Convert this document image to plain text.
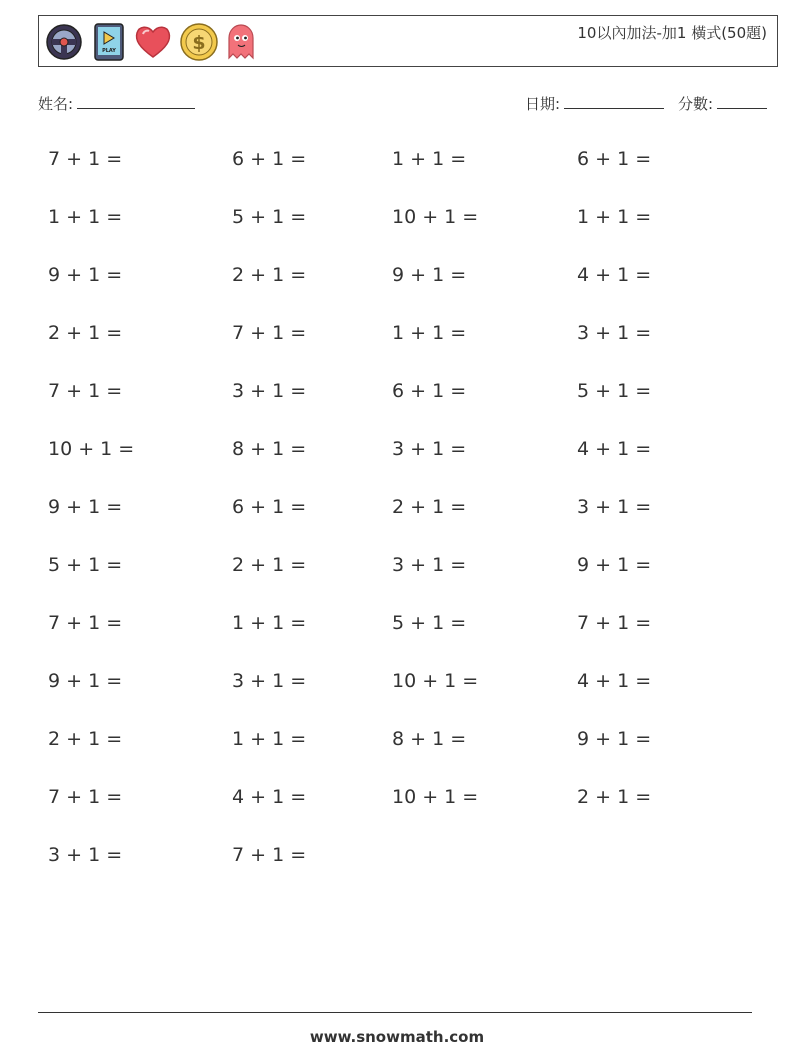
PLAY	$	10以內加法-加1 橫式(50題)
姓名:	日期:	分數:
7 + 1 =	6 + 1 =	1 + 1 =	6 + 1 =
1 + 1 =	5 + 1 =	10 + 1 =	1 + 1 =
9 + 1 =	2 + 1 =	9 + 1 =	4 + 1 =
2 + 1 =	7 + 1 =	1 + 1 =	3 + 1 =
7 + 1 =	3 + 1 =	6 + 1 =	5 + 1 =
10 + 1 =	8 + 1 =	3 + 1 =	4 + 1 =
9 + 1 =	6 + 1 =	2 + 1 =	3 + 1 =
5 + 1 =	2 + 1 =	3 + 1 =	9 + 1 =
7 + 1 =	1 + 1 =	5 + 1 =	7 + 1 =
9 + 1 =	3 + 1 =	10 + 1 =	4 + 1 =
2 + 1 =	1 + 1 =	8 + 1 =	9 + 1 =
7 + 1 =	4 + 1 =	10 + 1 =	2 + 1 =
3 + 1 =	7 + 1 =
www.snowmath.com
